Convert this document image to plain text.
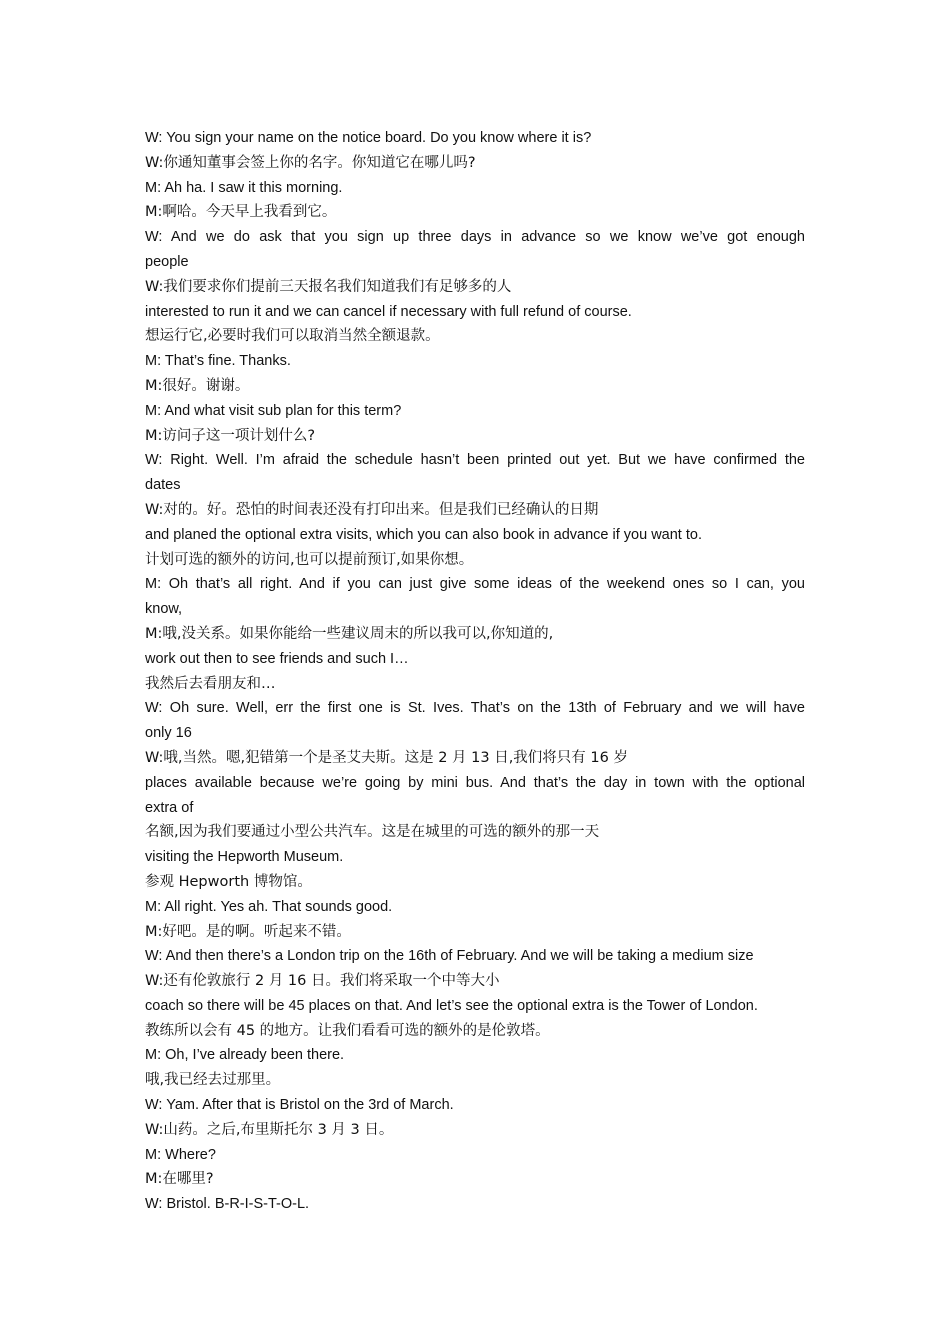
W: You sign your name on the notice board. Do you know where it is?

W:你通知董事会签上你的名字。你知道它在哪儿吗?

M: Ah ha. I saw it this morning.

M:啊哈。今天早上我看到它。

W: And we do ask that you sign up three days in advance so we know we’ve got enough

people

W:我们要求你们提前三天报名我们知道我们有足够多的人

interested to run it and we can cancel if necessary with full refund of course.

想运行它,必要时我们可以取消当然全额退款。

M: That’s fine. Thanks.

M:很好。谢谢。

M: And what visit sub plan for this term?

M:访问子这一项计划什么?

W: Right. Well. I’m afraid the schedule hasn’t been printed out yet. But we have confirmed the

dates

W:对的。好。恐怕的时间表还没有打印出来。但是我们已经确认的日期

and planed the optional extra visits, which you can also book in advance if you want to.

计划可选的额外的访问,也可以提前预订,如果你想。

M: Oh that’s all right. And if you can just give some ideas of the weekend ones so I can, you

know,

M:哦,没关系。如果你能给一些建议周末的所以我可以,你知道的,

work out then to see friends and such I…

我然后去看朋友和…

W: Oh sure. Well, err the first one is St. Ives. That’s on the 13th of February and we will have

only 16

W:哦,当然。嗯,犯错第一个是圣艾夫斯。这是 2 月 13 日,我们将只有 16 岁

places available because we’re going by mini bus. And that’s the day in town with the optional

extra of

名额,因为我们要通过小型公共汽车。这是在城里的可选的额外的那一天

visiting the Hepworth Museum.

参观 Hepworth 博物馆。

M: All right. Yes ah. That sounds good.

M:好吧。是的啊。听起来不错。

W: And then there’s a London trip on the 16th of February. And we will be taking a medium size

W:还有伦敦旅行 2 月 16 日。我们将采取一个中等大小

coach so there will be 45 places on that. And let’s see the optional extra is the Tower of London.

教练所以会有 45 的地方。让我们看看可选的额外的是伦敦塔。

M: Oh, I’ve already been there.

哦,我已经去过那里。

W: Yam. After that is Bristol on the 3rd of March.

W:山药。之后,布里斯托尔 3 月 3 日。

M: Where?

M:在哪里?

W: Bristol. B-R-I-S-T-O-L.
